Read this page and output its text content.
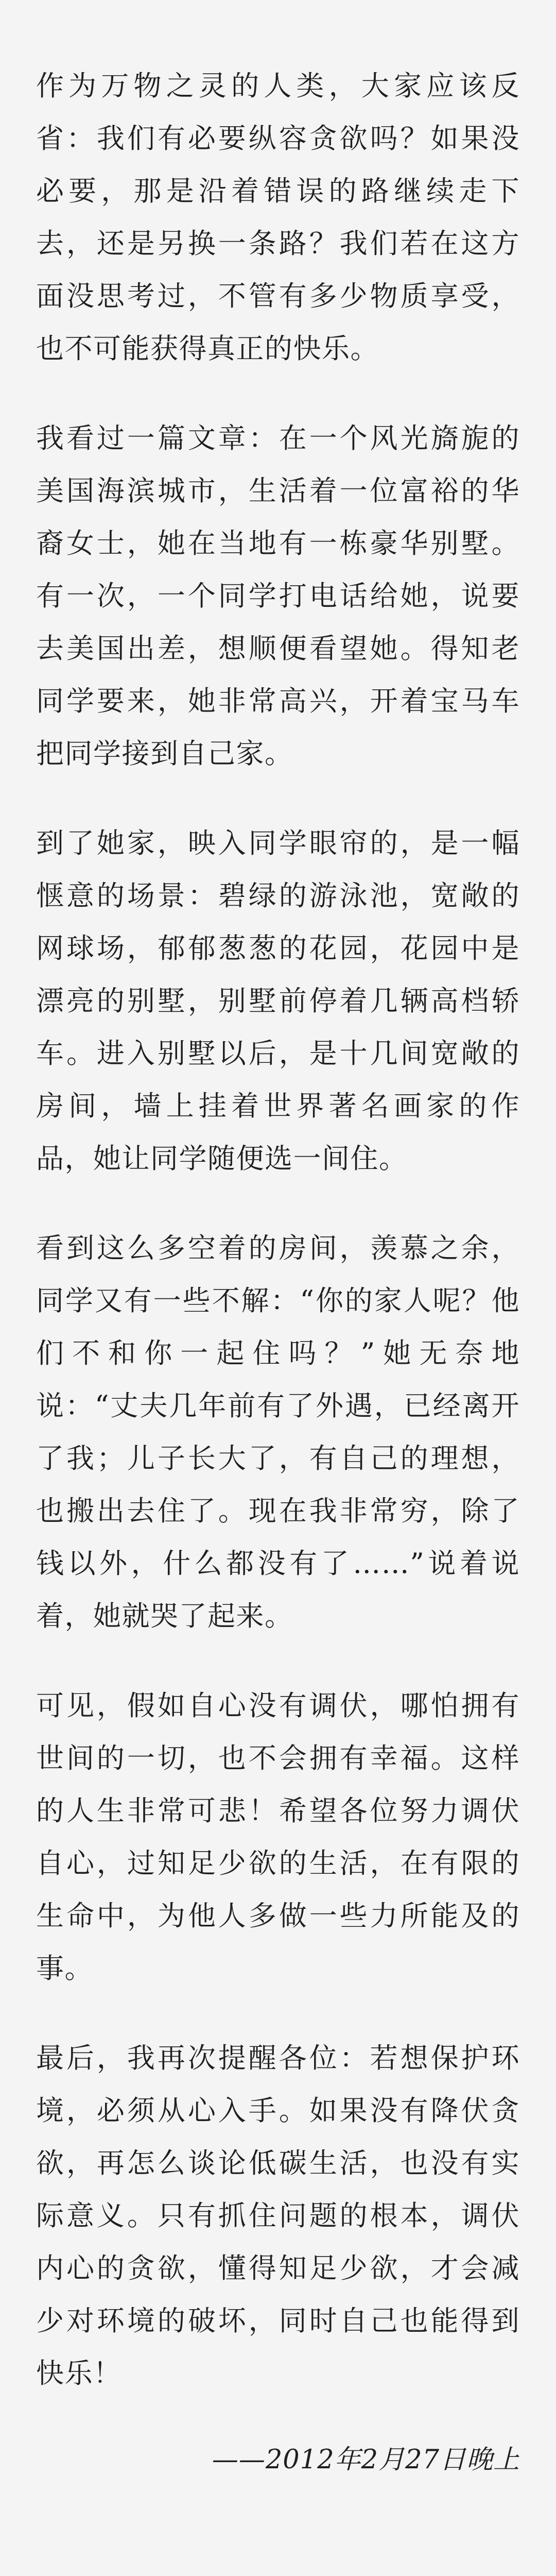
作为万物之灵的人类，大家应该反省：我们有必要纵容贪欲吗？如果没必要，那是沿着错误的路继续走下去，还是另换一条路？我们若在这方面没思考过，不管有多少物质享受，也不可能获得真正的快乐。

我看过一篇文章：在一个风光旖旎的美国海滨城市，生活着一位富裕的华裔女士，她在当地有一栋豪华别墅。有一次，一个同学打电话给她，说要去美国出差，想顺便看望她。得知老同学要来，她非常高兴，开着宝马车把同学接到自己家。

到了她家，映入同学眼帘的，是一幅惬意的场景：碧绿的游泳池，宽敞的网球场，郁郁葱葱的花园，花园中是漂亮的别墅，别墅前停着几辆高档轿车。进入别墅以后，是十几间宽敞的房间，墙上挂着世界著名画家的作品，她让同学随便选一间住。

看到这么多空着的房间，羡慕之余，同学又有一些不解：“你的家人呢？他们不和你一起住吗？”她无奈地说：“丈夫几年前有了外遇，已经离开了我；儿子长大了，有自己的理想，也搬出去住了。现在我非常穷，除了钱以外，什么都没有了……”说着说着，她就哭了起来。

可见，假如自心没有调伏，哪怕拥有世间的一切，也不会拥有幸福。这样的人生非常可悲！希望各位努力调伏自心，过知足少欲的生活，在有限的生命中，为他人多做一些力所能及的事。

最后，我再次提醒各位：若想保护环境，必须从心入手。如果没有降伏贪欲，再怎么谈论低碳生活，也没有实际意义。只有抓住问题的根本，调伏内心的贪欲，懂得知足少欲，才会减少对环境的破坏，同时自己也能得到快乐！

——2012年2月27日晚上
